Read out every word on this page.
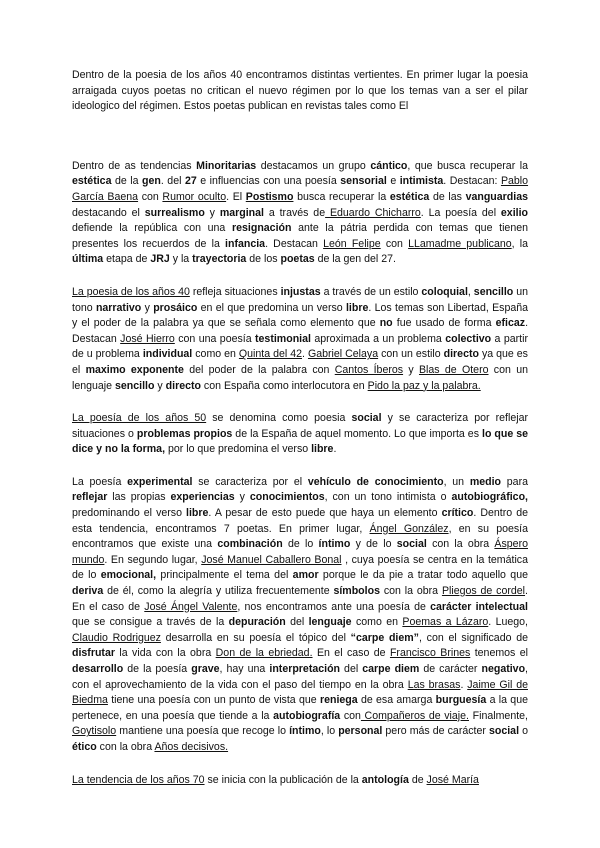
Dentro de la poesia de los años 40 encontramos distintas vertientes. En primer lugar la poesia arraigada cuyos poetas no critican el nuevo régimen por lo que los temas van a ser el pilar ideologico del régimen. Estos poetas publican en revistas tales como El

Dentro de as tendencias Minoritarias destacamos un grupo cántico, que busca recuperar la estética de la gen. del 27 e influencias con una poesía sensorial e intimista. Destacan: Pablo García Baena con Rumor oculto. El Postismo busca recuperar la estética de las vanguardias destacando el surrealismo y marginal a través de Eduardo Chicharro. La poesía del exilio defiende la república con una resignación ante la pátria perdida con temas que tienen presentes los recuerdos de la infancia. Destacan León Felipe con LLamadme publicano, la última etapa de JRJ y la trayectoria de los poetas de la gen del 27.

La poesia de los años 40 refleja situaciones injustas a través de un estilo coloquial, sencillo un tono narrativo y prosáico en el que predomina un verso libre. Los temas son Libertad, España y el poder de la palabra ya que se señala como elemento que no fue usado de forma eficaz. Destacan José Hierro con una poesía testimonial aproximada a un problema colectivo a partir de u problema individual como en Quinta del 42. Gabriel Celaya con un estilo directo ya que es el maximo exponente del poder de la palabra con Cantos Íberos y Blas de Otero con un lenguaje sencillo y directo con España como interlocutora en Pido la paz y la palabra.

La poesía de los años 50 se denomina como poesia social y se caracteriza por reflejar situaciones o problemas propios de la España de aquel momento. Lo que importa es lo que se dice y no la forma, por lo que predomina el verso libre.

La poesía experimental se caracteriza por el vehículo de conocimiento, un medio para reflejar las propias experiencias y conocimientos, con un tono intimista o autobiográfico, predominando el verso libre. A pesar de esto puede que haya un elemento crítico. Dentro de esta tendencia, encontramos 7 poetas. En primer lugar, Ángel González, en su poesía encontramos que existe una combinación de lo íntimo y de lo social con la obra Áspero mundo. En segundo lugar, José Manuel Caballero Bonal , cuya poesía se centra en la temática de lo emocional, principalmente el tema del amor porque le da pie a tratar todo aquello que deriva de él, como la alegría y utiliza frecuentemente símbolos con la obra Pliegos de cordel. En el caso de José Ángel Valente, nos encontramos ante una poesía de carácter intelectual que se consigue a través de la depuración del lenguaje como en Poemas a Lázaro. Luego, Claudio Rodriguez desarrolla en su poesía el tópico del “carpe diem”, con el significado de disfrutar la vida con la obra Don de la ebriedad. En el caso de Francisco Brines tenemos el desarrollo de la poesía grave, hay una interpretación del carpe diem de carácter negativo, con el aprovechamiento de la vida con el paso del tiempo en la obra Las brasas. Jaime Gil de Biedma tiene una poesía con un punto de vista que reniega de esa amarga burguesía a la que pertenece, en una poesía que tiende a la autobiografía con Compañeros de viaje. Finalmente, Goytisolo mantiene una poesía que recoge lo íntimo, lo personal pero más de carácter social o ético con la obra Años decisivos.

La tendencia de los años 70 se inicia con la publicación de la antología de José María
